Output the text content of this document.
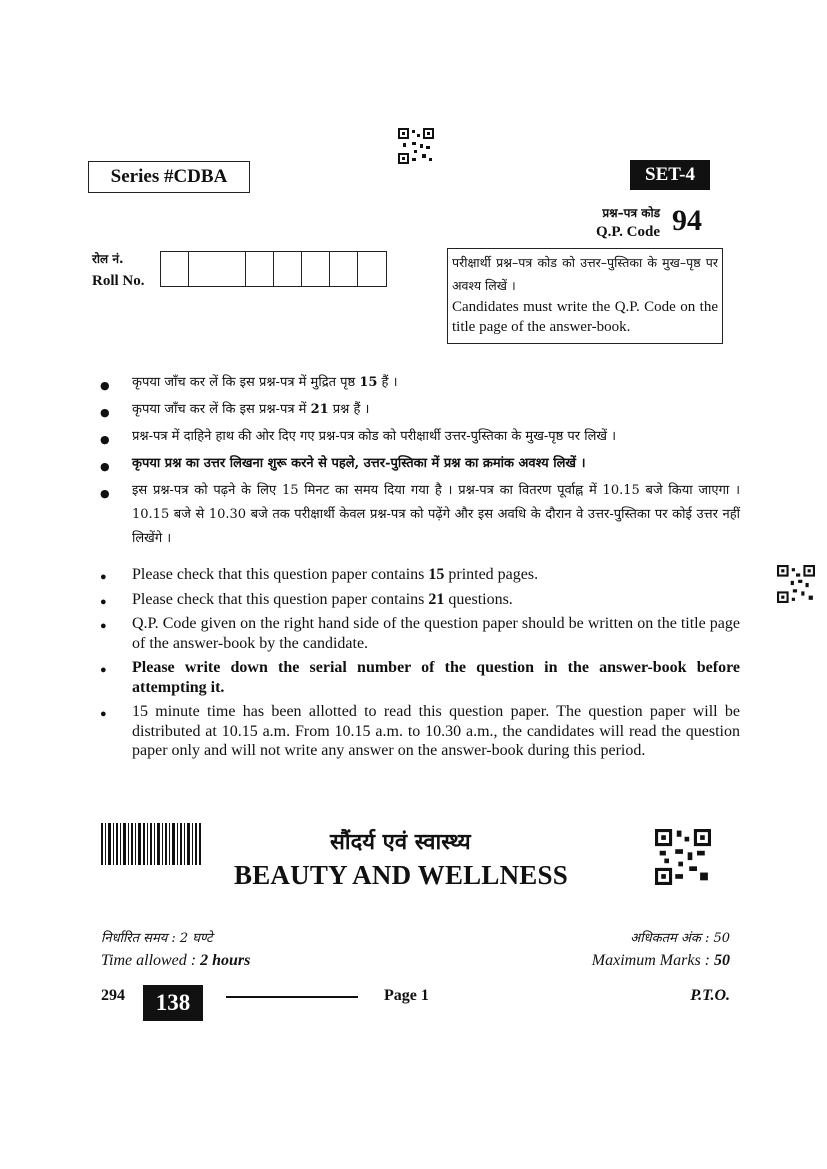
Series #CDBA	SET-4
प्रश्न–पत्र कोड
Q.P. Code 94
रोल नं.
Roll No.
परीक्षार्थी प्रश्न–पत्र कोड को उत्तर–पुस्तिका के मुख–पृष्ठ पर अवश्य लिखें ।
Candidates must write the Q.P. Code on the title page of the answer-book.
● कृपया जाँच कर लें कि इस प्रश्न-पत्र में मुद्रित पृष्ठ 15 हैं ।
● कृपया जाँच कर लें कि इस प्रश्न-पत्र में 21 प्रश्न हैं ।
● प्रश्न-पत्र में दाहिने हाथ की ओर दिए गए प्रश्न-पत्र कोड को परीक्षार्थी उत्तर-पुस्तिका के मुख-पृष्ठ पर लिखें ।
● कृपया प्रश्न का उत्तर लिखना शुरू करने से पहले, उत्तर-पुस्तिका में प्रश्न का क्रमांक अवश्य लिखें ।
● इस प्रश्न-पत्र को पढ़ने के लिए 15 मिनट का समय दिया गया है । प्रश्न-पत्र का वितरण पूर्वाह्न में 10.15 बजे किया जाएगा । 10.15 बजे से 10.30 बजे तक परीक्षार्थी केवल प्रश्न-पत्र को पढ़ेंगे और इस अवधि के दौरान वे उत्तर-पुस्तिका पर कोई उत्तर नहीं लिखेंगे ।
● Please check that this question paper contains 15 printed pages.
● Please check that this question paper contains 21 questions.
● Q.P. Code given on the right hand side of the question paper should be written on the title page of the answer-book by the candidate.
● Please write down the serial number of the question in the answer-book before attempting it.
● 15 minute time has been allotted to read this question paper. The question paper will be distributed at 10.15 a.m. From 10.15 a.m. to 10.30 a.m., the candidates will read the question paper only and will not write any answer on the answer-book during this period.
सौंदर्य एवं स्वास्थ्य
BEAUTY AND WELLNESS
निर्धारित समय : 2 घण्टे
Time allowed : 2 hours
अधिकतम अंक : 50
Maximum Marks : 50
294	138	Page 1	P.T.O.
